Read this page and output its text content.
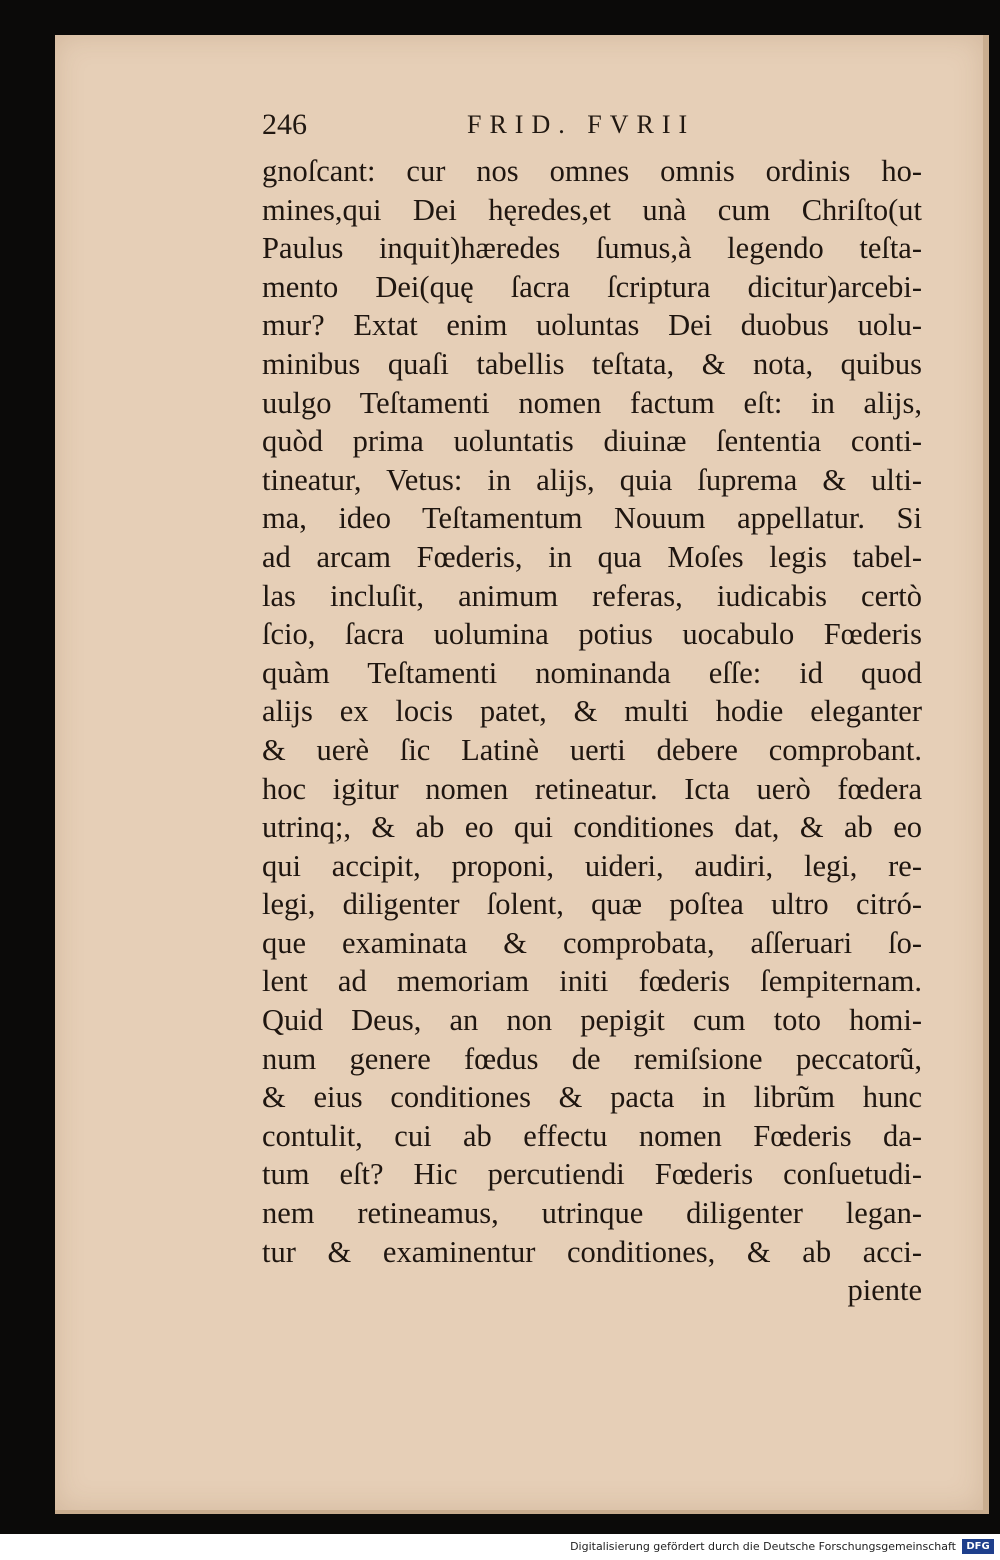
246	FRID. FVRII
gnoſcant: cur nos omnes omnis ordinis ho-
mines,qui Dei hęredes,et unà cum Chriſto(ut
Paulus inquit)hæredes ſumus,à legendo teſta-
mento Dei(quę ſacra ſcriptura dicitur)arcebi-
mur? Extat enim uoluntas Dei duobus uolu-
minibus quaſi tabellis teſtata, & nota, quibus
uulgo Teſtamenti nomen factum eſt: in alijs,
quòd prima uoluntatis diuinæ ſententia conti-
tineatur, Vetus: in alijs, quia ſuprema & ulti-
ma, ideo Teſtamentum Nouum appellatur. Si
ad arcam Fœderis, in qua Moſes legis tabel-
las incluſit, animum referas, iudicabis certò
ſcio, ſacra uolumina potius uocabulo Fœderis
quàm Teſtamenti nominanda eſſe: id quod
alijs ex locis patet, & multi hodie eleganter
& uerè ſic Latinè uerti debere comprobant.
hoc igitur nomen retineatur. Icta uerò fœdera
utrinq;, & ab eo qui conditiones dat, & ab eo
qui accipit, proponi, uideri, audiri, legi, re-
legi, diligenter ſolent, quæ poſtea ultro citró-
que examinata & comprobata, aſſeruari ſo-
lent ad memoriam initi fœderis ſempiternam.
Quid Deus, an non pepigit cum toto homi-
num genere fœdus de remiſsione peccatorũ,
& eius conditiones & pacta in librũm hunc
contulit, cui ab effectu nomen Fœderis da-
tum eſt? Hic percutiendi Fœderis conſuetudi-
nem retineamus, utrinque diligenter legan-
tur & examinentur conditiones, & ab acci-
piente
Digitalisierung gefördert durch die Deutsche Forschungsgemeinschaft	DFG
